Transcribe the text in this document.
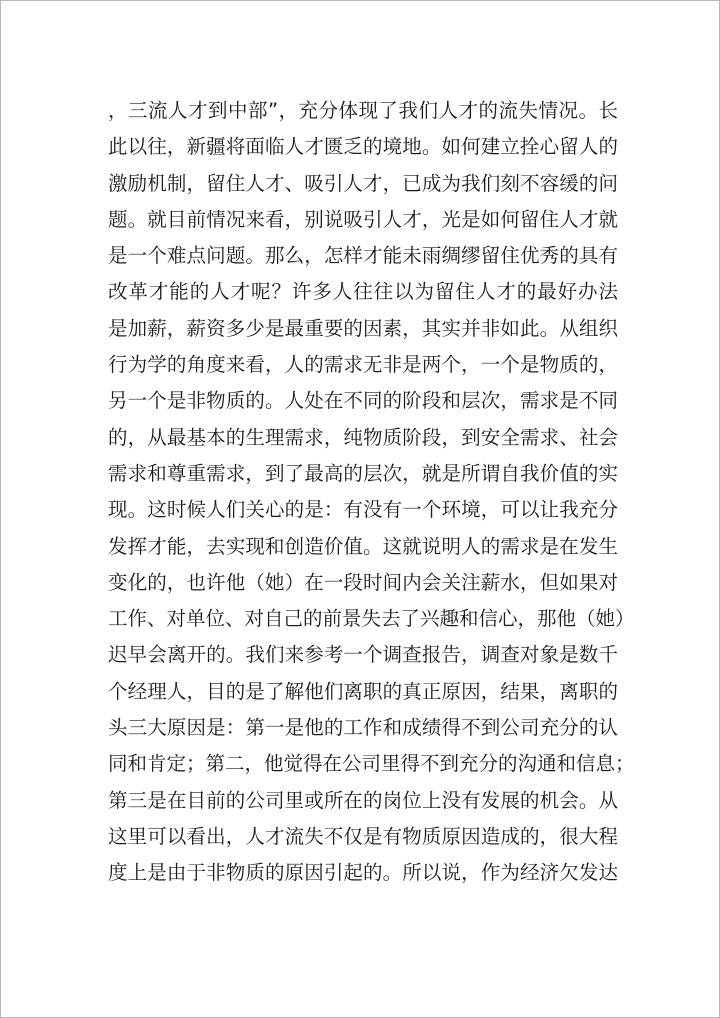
，三流人才到中部”，充分体现了我们人才的流失情况。长
此以往，新疆将面临人才匮乏的境地。如何建立拴心留人的
激励机制，留住人才、吸引人才，已成为我们刻不容缓的问
题。就目前情况来看，别说吸引人才，光是如何留住人才就
是一个难点问题。那么，怎样才能未雨绸缪留住优秀的具有
改革才能的人才呢？许多人往往以为留住人才的最好办法
是加薪，薪资多少是最重要的因素，其实并非如此。从组织
行为学的角度来看，人的需求无非是两个，一个是物质的，
另一个是非物质的。人处在不同的阶段和层次，需求是不同
的，从最基本的生理需求，纯物质阶段，到安全需求、社会
需求和尊重需求，到了最高的层次，就是所谓自我价值的实
现。这时候人们关心的是：有没有一个环境，可以让我充分
发挥才能，去实现和创造价值。这就说明人的需求是在发生
变化的，也许他（她）在一段时间内会关注薪水，但如果对
工作、对单位、对自己的前景失去了兴趣和信心，那他（她）
迟早会离开的。我们来参考一个调查报告，调查对象是数千
个经理人，目的是了解他们离职的真正原因，结果，离职的
头三大原因是：第一是他的工作和成绩得不到公司充分的认
同和肯定；第二，他觉得在公司里得不到充分的沟通和信息；
第三是在目前的公司里或所在的岗位上没有发展的机会。从
这里可以看出，人才流失不仅是有物质原因造成的，很大程
度上是由于非物质的原因引起的。所以说，作为经济欠发达
